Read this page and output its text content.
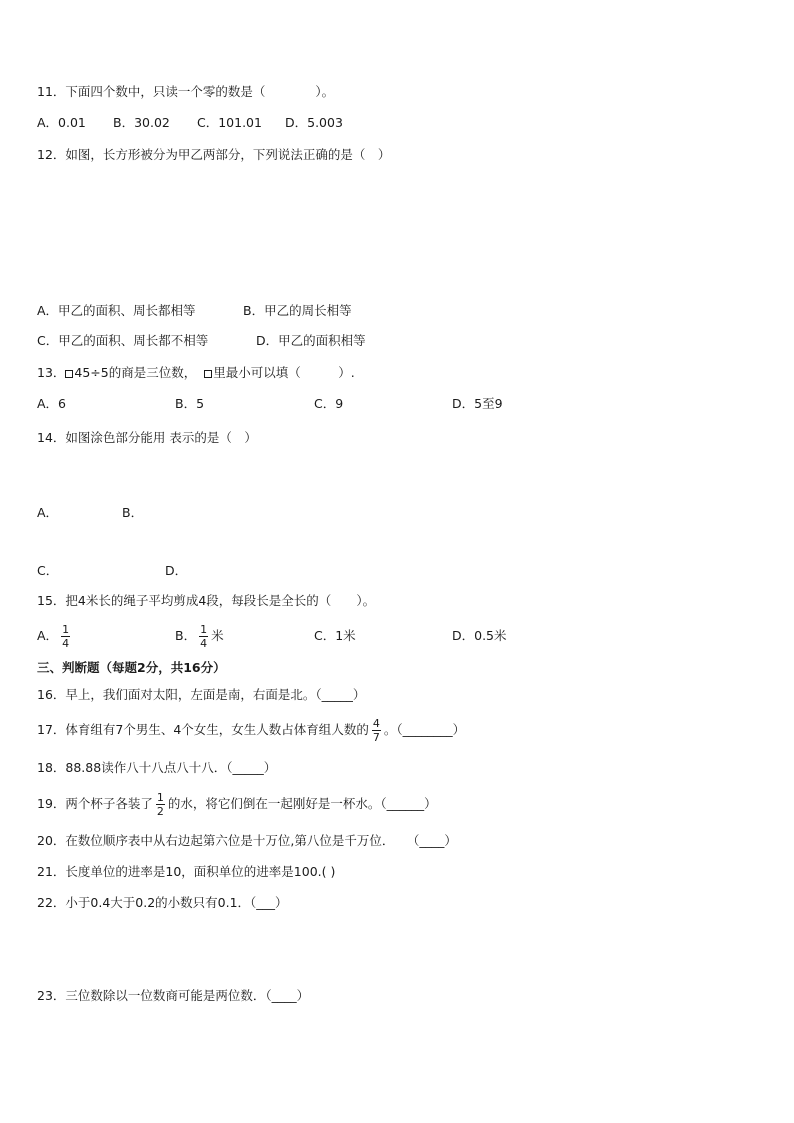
11．下面四个数中，只读一个零的数是（　　　　）。
A．0.01 B．30.02 C．101.01 D．5.003
12．如图，长方形被分为甲乙两部分，下列说法正确的是（　）
A．甲乙的面积、周长都相等	B．甲乙的周长相等
C．甲乙的面积、周长都不相等	D．甲乙的面积相等
13． 45÷5的商是三位数， 里最小可以填（　　　）.
A．6	B．5	C．9	D．5至9
14．如图涂色部分能用 表示的是（　）
A．	B．
C．	D．
15．把4米长的绳子平均剪成4段，每段长是全长的（　　）。
A． $\frac{1}{4}$	B． $\frac{1}{4}$ 米	C．1米	D．0.5米
三、判断题（每题2分，共16分）
16．早上，我们面对太阳，左面是南，右面是北。（_____）
17．体育组有7个男生、4个女生，女生人数占体育组人数的 $\frac{4}{7}$ 。（________）
18．88.88读作八十八点八十八．（_____）
19．两个杯子各装了 $\frac{1}{2}$ 的水，将它们倒在一起刚好是一杯水。（______）
20．在数位顺序表中从右边起第六位是十万位,第八位是千万位．　　（____）
21．长度单位的进率是10，面积单位的进率是100.( )
22．小于0.4大于0.2的小数只有0.1．（___）
23．三位数除以一位数商可能是两位数．（____）
